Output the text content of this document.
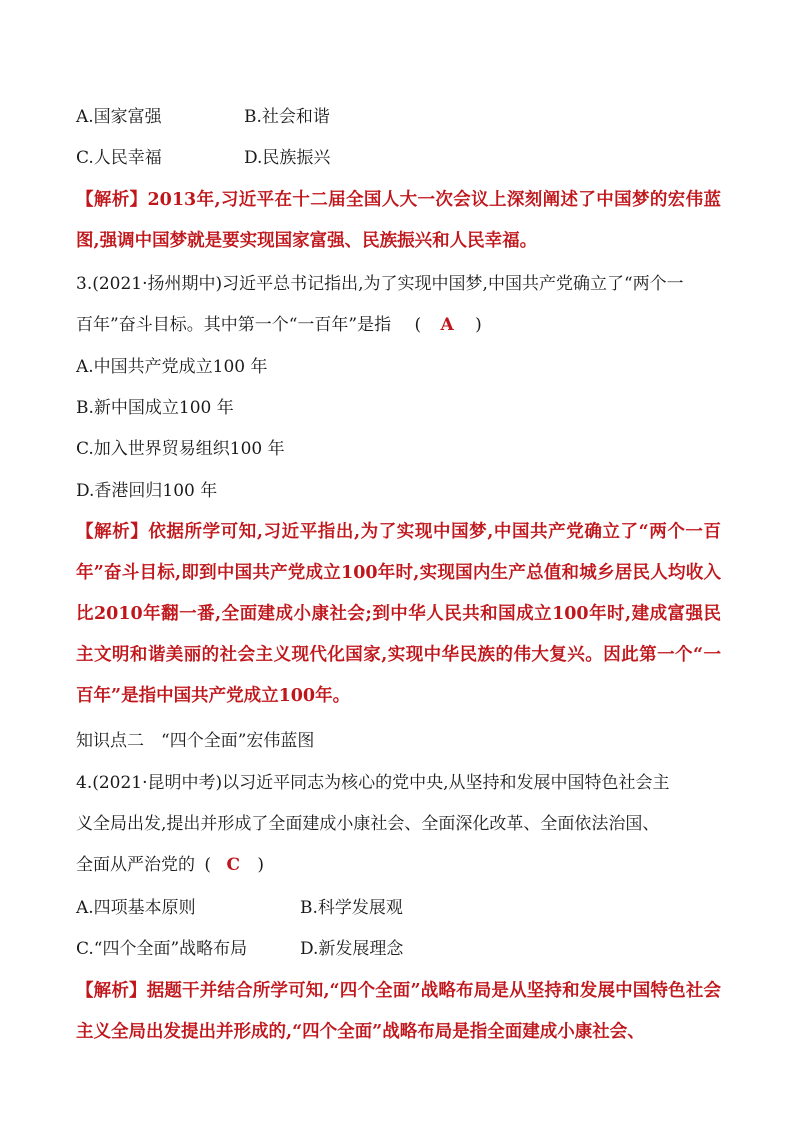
A.国家富强	B.社会和谐
C.人民幸福	D.民族振兴
【解析】2013年,习近平在十二届全国人大一次会议上深刻阐述了中国梦的宏伟蓝图,强调中国梦就是要实现国家富强、民族振兴和人民幸福。
3.(2021·扬州期中)习近平总书记指出,为了实现中国梦,中国共产党确立了“两个一
百年”奋斗目标。其中第一个“一百年”是指 ( A )
A.中国共产党成立100 年
B.新中国成立100 年
C.加入世界贸易组织100 年
D.香港回归100 年
【解析】依据所学可知,习近平指出,为了实现中国梦,中国共产党确立了“两个一百年”奋斗目标,即到中国共产党成立100年时,实现国内生产总值和城乡居民人均收入比2010年翻一番,全面建成小康社会;到中华人民共和国成立100年时,建成富强民主文明和谐美丽的社会主义现代化国家,实现中华民族的伟大复兴。因此第一个“一百年”是指中国共产党成立100年。
知识点二　“四个全面”宏伟蓝图
4.(2021·昆明中考)以习近平同志为核心的党中央,从坚持和发展中国特色社会主
义全局出发,提出并形成了全面建成小康社会、全面深化改革、全面依法治国、
全面从严治党的 ( C )
A.四项基本原则	B.科学发展观
C.“四个全面”战略布局	D.新发展理念
【解析】据题干并结合所学可知,“四个全面”战略布局是从坚持和发展中国特色社会主义全局出发提出并形成的,“四个全面”战略布局是指全面建成小康社会、
